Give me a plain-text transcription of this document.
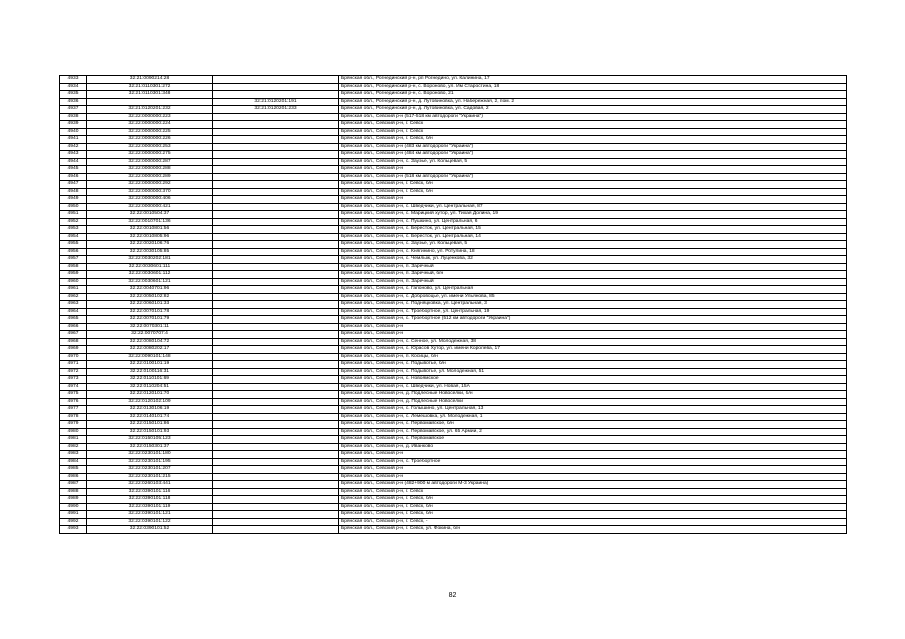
4933	32:21:0090214:28		Брянская обл., Рогнединский р-н, рп Рогнедино, ул. Калинина, 17
4934	32:21:0110301:272		Брянская обл., Рогнединский р-н, с. Вороново, ул. Им Старостина, 18
4935	32:21:0110301:348		Брянская обл., Рогнединский р-н, с. Вороново, 21
4936		32:21:0120201:191	Брянская обл., Рогнединский р-н, д. Лутовиновка, ул. Набережная, 2, пом. 2
4937	32:21:0120201:232	32:21:0120201:233	Брянская обл., Рогнединский р-н, д. Лутовиновка, ул. Садовая, 2
4938	32:22:0000000:223		Брянская обл., Севский р-н (517-518 км автодороги "Украина")
4939	32:22:0000000:224		Брянская обл., Севский р-н, г. Севск
4940	32:22:0000000:225		Брянская обл., Севский р-н, г. Севск
4941	32:22:0000000:226		Брянская обл., Севский р-н, г. Севск, б/н
4942	32:22:0000000:253		Брянская обл., Севский р-н (483 км автодороги "Украина")
4943	32:22:0000000:275		Брянская обл., Севский р-н (484 км автодороги "Украина")
4944	32:22:0000000:287		Брянская обл., Севский р-н, с. Зауэье, ул. Кольцевая, 5
4945	32:22:0000000:288		Брянская обл., Севский р-н
4946	32:22:0000000:289		Брянская обл., Севский р-н (518 км автодороги "Украина")
4947	32:22:0000000:292		Брянская обл., Севский р-н, г. Севск, б/н
4948	32:22:0000000:370		Брянская обл., Севский р-н, г. Севск, б/н
4949	32:22:0000000:406		Брянская обл., Севский р-н
4950	32:22:0000000:421		Брянская обл., Севский р-н, с. Шведчики, ул. Центральная, 87
4951	32:22:0010504:37		Брянская обл., Севский р-н, с. Марицкий хутор, ул. Тихая Долина, 19
4952	32:22:0010701:136		Брянская обл., Севский р-н, с. Пушкино, ул. Центральная, 6
4953	32:22:0010801:56		Брянская обл., Севский р-н, с. Бересток, ул. Центральная, 15
4954	32:22:0010805:96		Брянская обл., Севский р-н, с. Бересток, ул. Центральная, 14
4955	32:22:0020106:76		Брянская обл., Севский р-н, с. Зауэье, ул. Кольцевая, 5
4956	32:22:0030105:85		Брянская обл., Севский р-н, с. Княгинино, ул. Ротулина, 18
4957	32:22:0030202:181		Брянская обл., Севский р-н, с. Чемлыж, ул. Луценкова, 32
4958	32:22:0030601:111		Брянская обл., Севский р-н, п. Заречный
4959	32:22:0030601:112		Брянская обл., Севский р-н, п. Заречный, б/н
4960	32:22:0030601:121		Брянская обл., Севский р-н, п. Заречный
4961	32:22:0040701:96		Брянская обл., Севский р-н, с. Гапоново, ул. Центральная
4962	32:22:0050102:82		Брянская обл., Севский р-н, с. Добровоцье, ул. имени Ульянова, 85
4963	32:22:0060101:33		Брянская обл., Севский р-н, с. Подняцковка, ул. Центральная, 3
4964	32:22:0070101:78		Брянская обл., Севский р-н, с. Троебортное, ул. Центральная, 19
4965	32:22:0070101:79		Брянская обл., Севский р-н, с. Троебортное (512 км автодороги "Украина")
4966	32:22:0070301:11		Брянская обл., Севский р-н
4967	32:22:0070707:4		Брянская обл., Севский р-н
4968	32:22:0080104:72		Брянская обл., Севский р-н, с. Сенное, ул. Молодежная, 38
4969	32:22:0080202:17		Брянская обл., Севский р-н, с. Юрасов Хутор, ул. имени Королева, 17
4970	32:22:0090101:148		Брянская обл., Севский р-н, п. Косицы, б/н
4971	32:22:0100101:19		Брянская обл., Севский р-н, с. Подывотье, б/н
4972	32:22:0100116:31		Брянская обл., Севский р-н, с. Подывотье, ул. Молодежная, 51
4973	32:22:0110101:69		Брянская обл., Севский р-н, с. Новоямское
4974	32:22:0110204:51		Брянская обл., Севский р-н, с. Шведчики, ул. Новая, 15А
4975	32:22:0120101:70		Брянская обл., Севский р-н, д. Подлесные Новоселки, б/н
4976	32:22:0120102:109		Брянская обл., Севский р-н, д. Подлесные Новоселки
4977	32:22:0130106:19		Брянская обл., Севский р-н, с. Голышино, ул. Центральная, 13
4978	32:22:0140101:74		Брянская обл., Севский р-н, с. Лемешовка, ул. Молодежная, 1
4979	32:22:0150101:86		Брянская обл., Севский р-н, с. Первомайское, б/н
4980	32:22:0150101:93		Брянская обл., Севский р-н, с. Первомайское, ул. 65 Армии, 2
4981	32:22:0150105:123		Брянская обл., Севский р-н, с. Первомайское
4982	32:22:0150301:37		Брянская обл., Севский р-н, д. Иванково
4983	32:22:0230101:180		Брянская обл., Севский р-н
4984	32:22:0230101:195		Брянская обл., Севский р-н, с. Троебортное
4985	32:22:0230101:207		Брянская обл., Севский р-н
4986	32:22:0230101:215		Брянская обл., Севский р-н
4987	32:22:0260103:441		Брянская обл., Севский р-н (482+900 м автодороги М-3 Украина)
4988	32:22:0390101:116		Брянская обл., Севский р-н, г. Севск
4989	32:22:0390101:118		Брянская обл., Севский р-н, г. Севск, б/н
4990	32:22:0390101:119		Брянская обл., Севский р-н, г. Севск, б/н
4991	32:22:0390101:121		Брянская обл., Севский р-н, г. Севск, б/н
4992	32:22:0390101:122		Брянская обл., Севский р-н, г. Севск, -
4993	32:22:0390101:52		Брянская обл., Севский р-н, г. Севск, ул. Фокина, б/н
82
